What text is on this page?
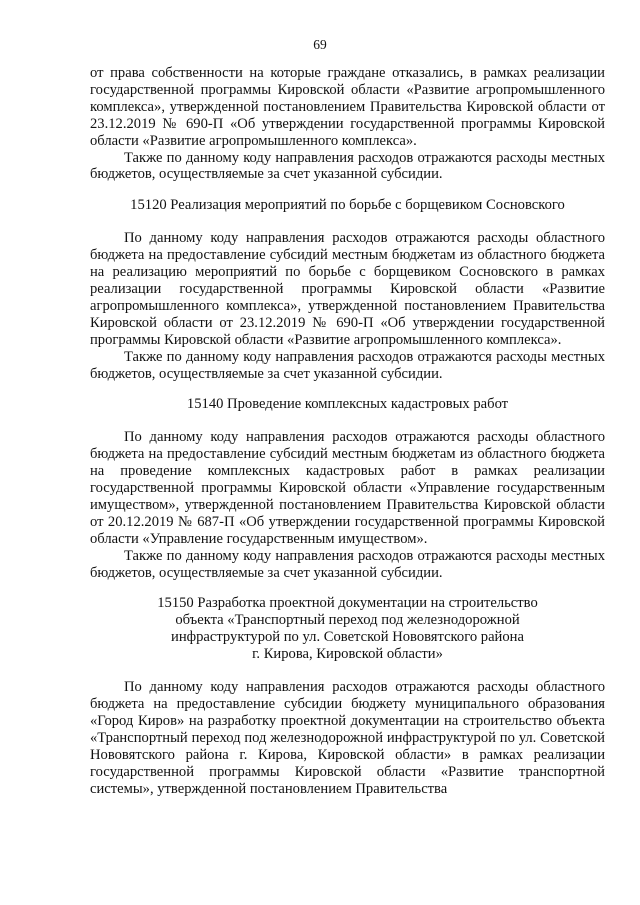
69

от права собственности на которые граждане отказались, в рамках реализации государственной программы Кировской области «Развитие агропромышленного комплекса», утвержденной постановлением Правительства Кировской области от 23.12.2019 № 690-П «Об утверждении государственной программы Кировской области «Развитие агропромышленного комплекса».

Также по данному коду направления расходов отражаются расходы местных бюджетов, осуществляемые за счет указанной субсидии.

15120 Реализация мероприятий по борьбе с борщевиком Сосновского

По данному коду направления расходов отражаются расходы областного бюджета на предоставление субсидий местным бюджетам из областного бюджета на реализацию мероприятий по борьбе с борщевиком Сосновского в рамках реализации государственной программы Кировской области «Развитие агропромышленного комплекса», утвержденной постановлением Правительства Кировской области от 23.12.2019 № 690-П «Об утверждении государственной программы Кировской области «Развитие агропромышленного комплекса».

Также по данному коду направления расходов отражаются расходы местных бюджетов, осуществляемые за счет указанной субсидии.

15140 Проведение комплексных кадастровых работ

По данному коду направления расходов отражаются расходы областного бюджета на предоставление субсидий местным бюджетам из областного бюджета на проведение комплексных кадастровых работ в рамках реализации государственной программы Кировской области «Управление государственным имуществом», утвержденной постановлением Правительства Кировской области от 20.12.2019 № 687-П «Об утверждении государственной программы Кировской области «Управление государственным имуществом».

Также по данному коду направления расходов отражаются расходы местных бюджетов, осуществляемые за счет указанной субсидии.

15150 Разработка проектной документации на строительство

объекта «Транспортный переход под железнодорожной

инфраструктурой по ул. Советской Нововятского района

г. Кирова, Кировской области»

По данному коду направления расходов отражаются расходы областного бюджета на предоставление субсидии бюджету муниципального образования «Город Киров» на разработку проектной документации на строительство объекта «Транспортный переход под железнодорожной инфраструктурой по ул. Советской Нововятского района г. Кирова, Кировской области» в рамках реализации государственной программы Кировской области «Развитие транспортной системы», утвержденной постановлением Правительства
